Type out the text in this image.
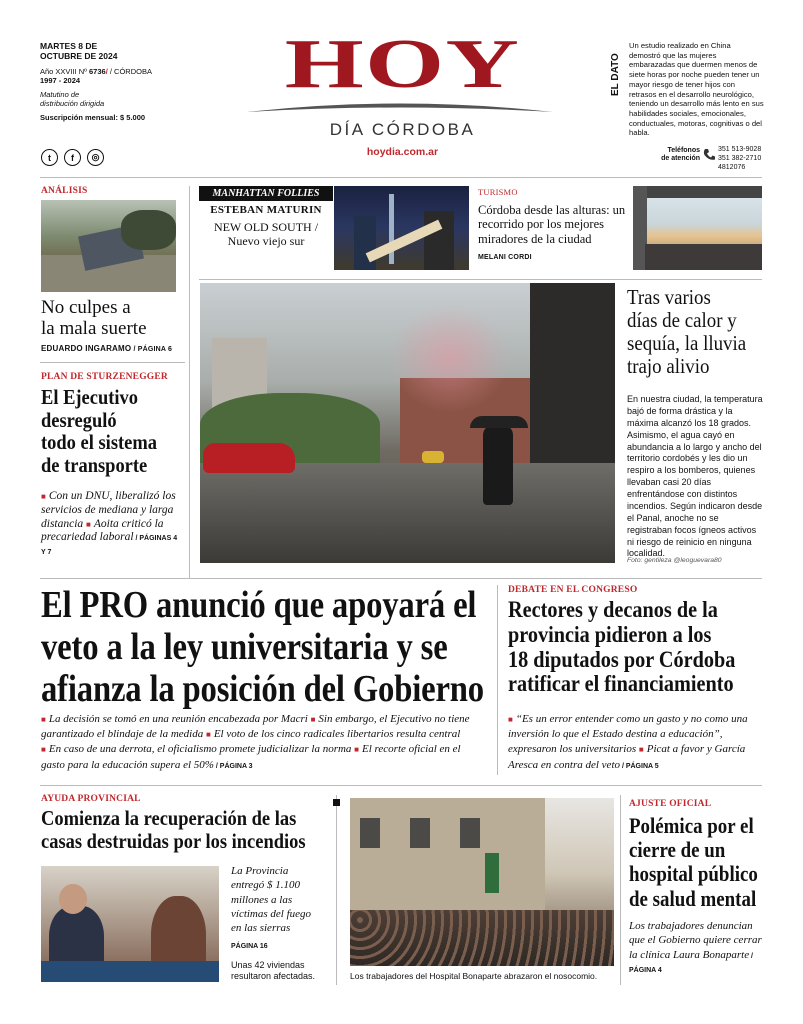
MARTES 8 DE
OCTUBRE DE 2024
Año XXVIII Nº 6736/ / CÓRDOBA
1997 - 2024
Matutino de
distribución dirigida
Suscripción mensual: $ 5.000
t f ◎
HOY
DÍA CÓRDOBA
hoydia.com.ar
EL DATO
Un estudio realizado en China demostró que las mujeres embarazadas que duermen menos de siete horas por noche pueden tener un mayor riesgo de tener hijos con retrasos en el desarrollo neurológico, teniendo un desarrollo más lento en sus habilidades sociales, emocionales, conductuales, motoras, cognitivas o del habla.
Teléfonos
de atención
351 513-9028
351 382-2710
4812076
ANÁLISIS
No culpes a
la mala suerte
EDUARDO INGARAMO / PÁGINA 6
PLAN DE STURZENEGGER
El Ejecutivo
desreguló
todo el sistema
de transporte
■ Con un DNU, liberalizó los servicios de mediana y larga distancia ■ Aoita criticó la precariedad laboral / PÁGINAS 4 Y 7
MANHATTAN FOLLIES
ESTEBAN MATURIN
NEW OLD SOUTH /
Nuevo viejo sur
TURISMO
Córdoba desde las alturas: un recorrido por los mejores miradores de la ciudad
MELANI CORDI
Tras varios
días de calor y
sequía, la lluvia
trajo alivio
En nuestra ciudad, la temperatura bajó de forma drástica y la máxima alcanzó los 18 grados. Asimismo, el agua cayó en abundancia a lo largo y ancho del territorio cordobés y les dio un respiro a los bomberos, quienes llevaban casi 20 días enfrentándose con distintos incendios. Según indicaron desde el Panal, anoche no se registraban focos ígneos activos ni riesgo de reinicio en ninguna localidad.
Foto: gentileza @leoguevara80
El PRO anunció que apoyará el
veto a la ley universitaria y se
afianza la posición del Gobierno
■ La decisión se tomó en una reunión encabezada por Macri ■ Sin embargo, el Ejecutivo no tiene garantizado el blindaje de la medida ■ El voto de los cinco radicales libertarios resulta central ■ En caso de una derrota, el oficialismo promete judicializar la norma ■ El recorte oficial en el gasto para la educación supera el 50% / PÁGINA 3
DEBATE EN EL CONGRESO
Rectores y decanos de la
provincia pidieron a los
18 diputados por Córdoba
ratificar el financiamiento
■ “Es un error entender como un gasto y no como una inversión lo que el Estado destina a educación”, expresaron los universitarios ■ Picat a favor y García Aresca en contra del veto / PÁGINA 5
AYUDA PROVINCIAL
Comienza la recuperación de las
casas destruidas por los incendios
La Provincia entregó $ 1.100 millones a las víctimas del fuego en las sierras
PÁGINA 16
Unas 42 viviendas resultaron afectadas.	Los trabajadores del Hospital Bonaparte abrazaron el nosocomio.
AJUSTE OFICIAL
Polémica por el
cierre de un
hospital público
de salud mental
Los trabajadores denuncian que el Gobierno quiere cerrar la clínica Laura Bonaparte / PÁGINA 4
